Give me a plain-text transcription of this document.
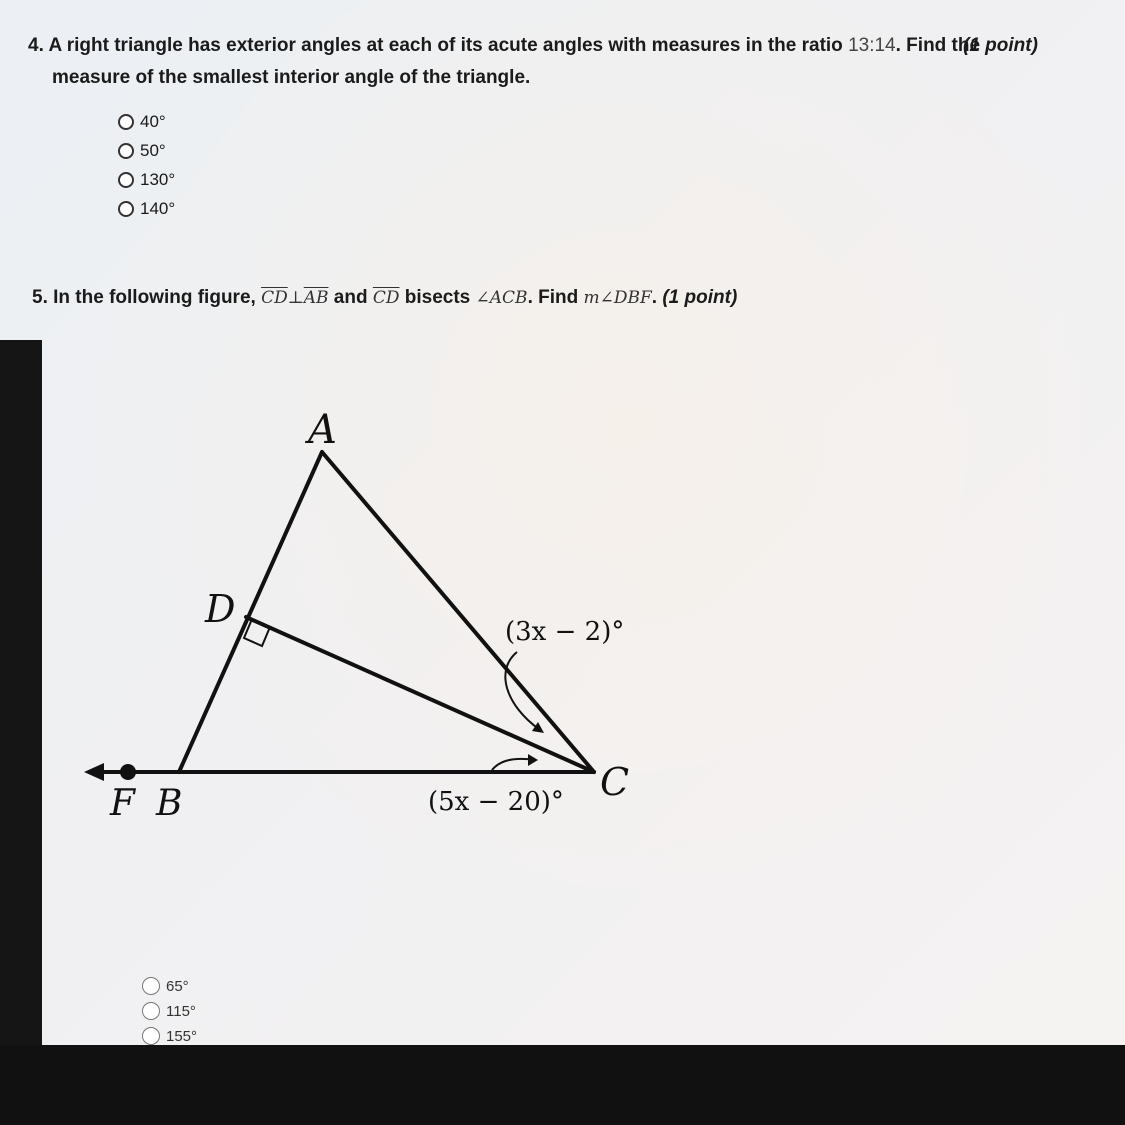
4. A right triangle has exterior angles at each of its acute angles with measures in the ratio 13:14. Find the
(1 point)
measure of the smallest interior angle of the triangle.
40°
50°
130°
140°
5. In the following figure, $\overline{CD}\perp\overline{AB}$ and $\overline{CD}$ bisects ∠ACB. Find m∠DBF. (1 point)
A
D
C
F B
(3x − 2)°
(5x − 20)°
65°
115°
155°
